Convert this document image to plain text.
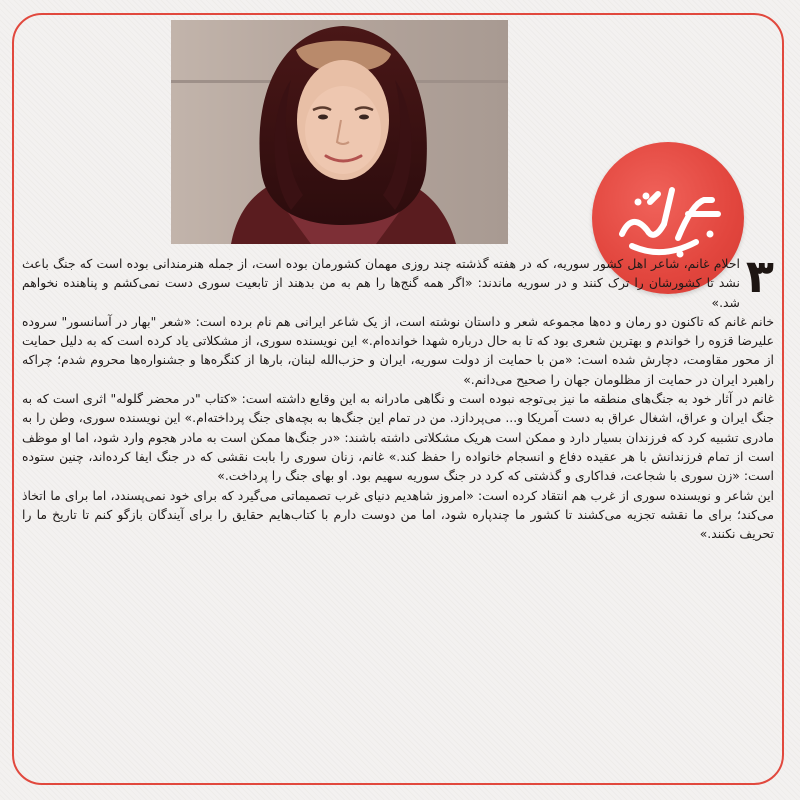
۳
احلام غانم، شاعر اهل کشور سوریه، که در هفته گذشته چند روزی مهمان کشورمان بوده است، از جمله هنرمندانی بوده است که جنگ باعث نشد تا کشورشان را ترک کنند و در سوریه ماندند: «اگر همه گنج‌ها را هم به من بدهند از تابعیت سوری دست نمی‌کشم و پناهنده نخواهم شد.»

خانم غانم که تاکنون دو رمان و ده‌ها مجموعه شعر و داستان نوشته است، از یک شاعر ایرانی هم نام برده است: «شعر "بهار در آسانسور" سروده علیرضا قزوه را خواندم و بهترین شعری بود که تا به حال درباره شهدا خوانده‌ام.» این نویسنده سوری، از مشکلاتی یاد کرده است که به دلیل حمایت از محور مقاومت، دچارش شده است: «من با حمایت از دولت سوریه، ایران و حزب‌الله لبنان، بارها از کنگره‌ها و جشنواره‌ها محروم شدم؛ چراکه راهبرد ایران در حمایت از مظلومان جهان را صحیح می‌دانم.»

غانم در آثار خود به جنگ‌های منطقه ما نیز بی‌توجه نبوده است و نگاهی مادرانه به این وقایع داشته است: «کتاب "در محضر گلوله" اثری است که به جنگ ایران و عراق، اشغال عراق به دست آمریکا و... می‌پردازد. من در تمام این جنگ‌ها به بچه‌های جنگ پرداخته‌ام.» این نویسنده سوری، وطن را به مادری تشبیه کرد که فرزندان بسیار دارد و ممکن است هریک مشکلاتی داشته باشند: «در جنگ‌ها ممکن است به مادر هجوم وارد شود، اما او موظف است از تمام فرزندانش با هر عقیده دفاع و انسجام خانواده را حفظ کند.» غانم، زنان سوری را بابت نقشی که در جنگ ایفا کرده‌اند، چنین ستوده است: «زن سوری با شجاعت، فداکاری و گذشتی که کرد در جنگ سوریه سهیم بود. او بهای جنگ را پرداخت.»

این شاعر و نویسنده سوری از غرب هم انتقاد کرده است: «امروز شاهدیم دنیای غرب تصمیماتی می‌گیرد که برای خود نمی‌پسندد، اما برای ما اتخاذ می‌کند؛ برای ما نقشه تجزیه می‌کشند تا کشور ما چندپاره شود، اما من دوست دارم با کتاب‌هایم حقایق را برای آیندگان بازگو کنم تا تاریخ ما را تحریف نکنند.»
